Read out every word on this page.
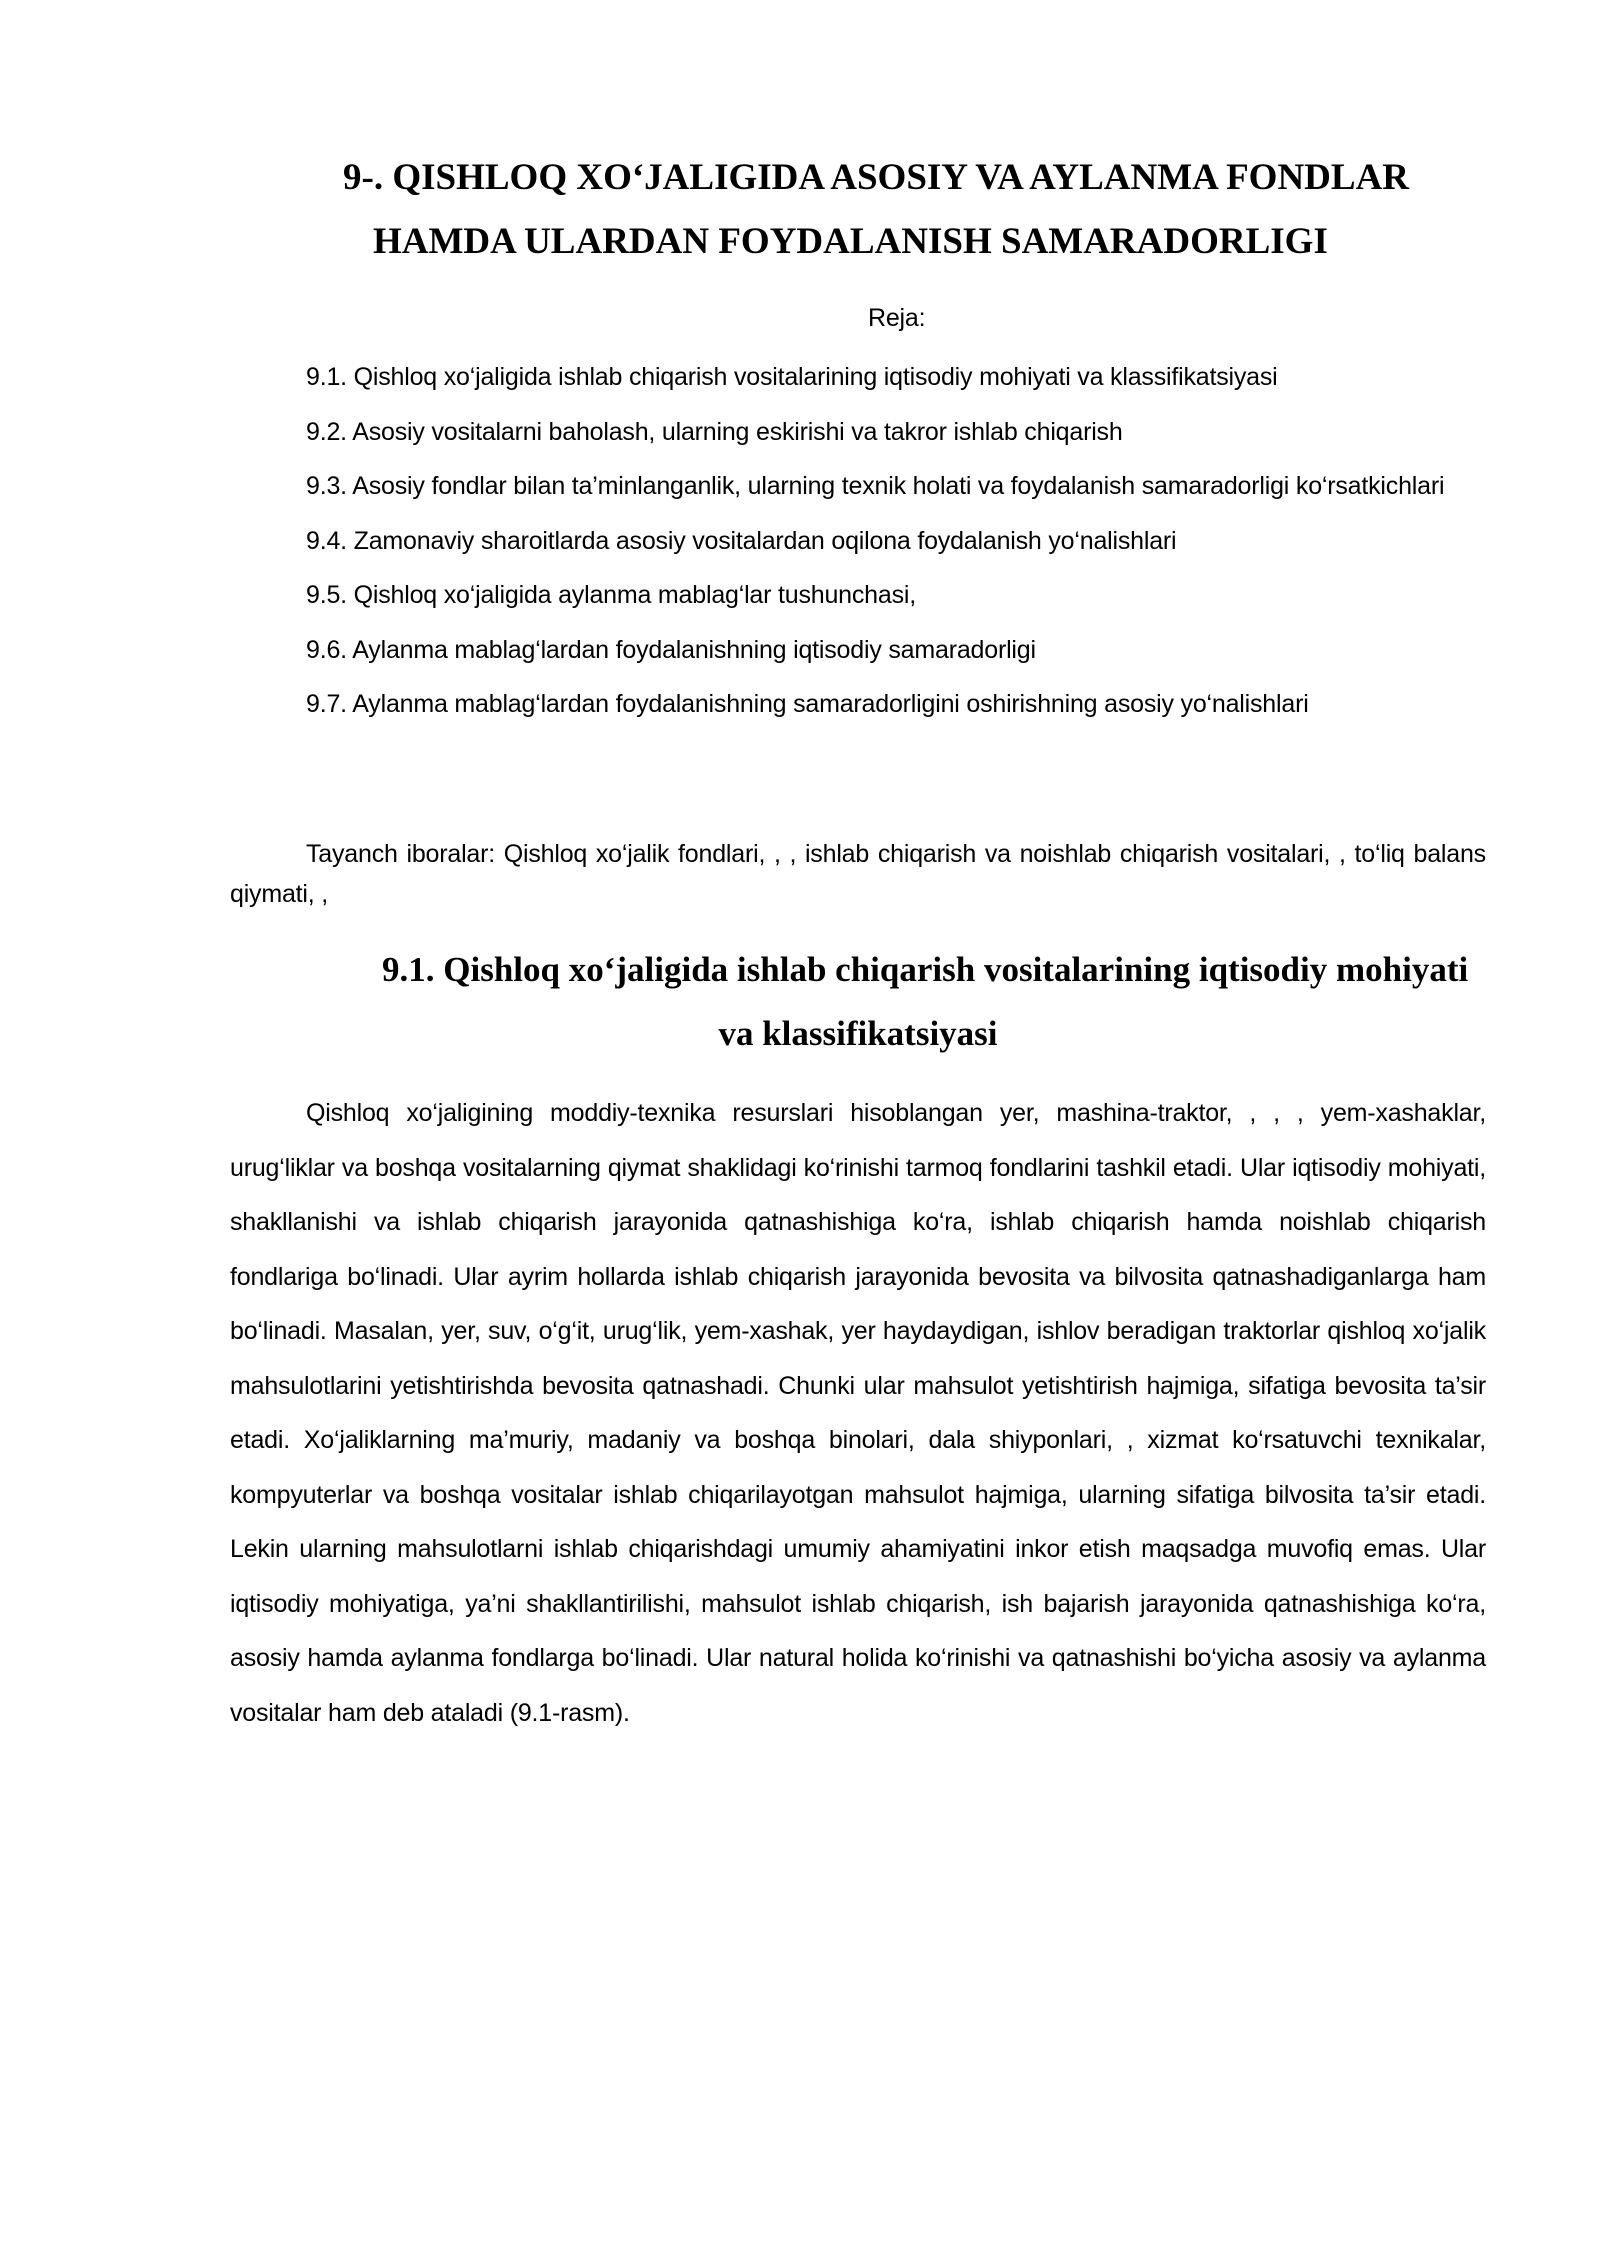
9-. QISHLOQ XO‘JALIGIDA ASOSIY VA AYLANMA FONDLAR
HAMDA ULARDAN FOYDALANISH SAMARADORLIGI
Reja:
9.1. Qishloq xo‘jaligida ishlab chiqarish vositalarining iqtisodiy mohiyati va klassifikatsiyasi
9.2. Asosiy vositalarni baholash, ularning eskirishi va takror ishlab chiqarish
9.3. Asosiy fondlar bilan ta’minlanganlik, ularning texnik holati va foydalanish samaradorligi ko‘rsatkichlari
9.4. Zamonaviy sharoitlarda asosiy vositalardan oqilona foydalanish yo‘nalishlari
9.5. Qishloq xo‘jaligida aylanma mablag‘lar tushunchasi,
9.6. Aylanma mablag‘lardan foydalanishning iqtisodiy samaradorligi
9.7. Aylanma mablag‘lardan foydalanishning samaradorligini oshirishning asosiy yo‘nalishlari

Tayanch iboralar: Qishloq xo‘jalik fondlari, , , ishlab chiqarish va noishlab chiqarish vositalari, , to‘liq balans qiymati, ,

9.1. Qishloq xo‘jaligida ishlab chiqarish vositalarining iqtisodiy mohiyati
va klassifikatsiyasi

Qishloq xo‘jaligining moddiy-texnika resurslari hisoblangan yer, mashina-traktor, , , , yem-xashaklar, urug‘liklar va boshqa vositalarning qiymat shaklidagi ko‘rinishi tarmoq fondlarini tashkil etadi. Ular iqtisodiy mohiyati, shakllanishi va ishlab chiqarish jarayonida qatnashishiga ko‘ra, ishlab chiqarish hamda noishlab chiqarish fondlariga bo‘linadi. Ular ayrim hollarda ishlab chiqarish jarayonida bevosita va bilvosita qatnashadiganlarga ham bo‘linadi. Masalan, yer, suv, o‘g‘it, urug‘lik, yem-xashak, yer haydaydigan, ishlov beradigan traktorlar qishloq xo‘jalik mahsulotlarini yetishtirishda bevosita qatnashadi. Chunki ular mahsulot yetishtirish hajmiga, sifatiga bevosita ta’sir etadi. Xo‘jaliklarning ma’muriy, madaniy va boshqa binolari, dala shiyponlari, , xizmat ko‘rsatuvchi texnikalar, kompyuterlar va boshqa vositalar ishlab chiqarilayotgan mahsulot hajmiga, ularning sifatiga bilvosita ta’sir etadi. Lekin ularning mahsulotlarni ishlab chiqarishdagi umumiy ahamiyatini inkor etish maqsadga muvofiq emas. Ular iqtisodiy mohiyatiga, ya’ni shakllantirilishi, mahsulot ishlab chiqarish, ish bajarish jarayonida qatnashishiga ko‘ra, asosiy hamda aylanma fondlarga bo‘linadi. Ular natural holida ko‘rinishi va qatnashishi bo‘yicha asosiy va aylanma vositalar ham deb ataladi (9.1-rasm).
